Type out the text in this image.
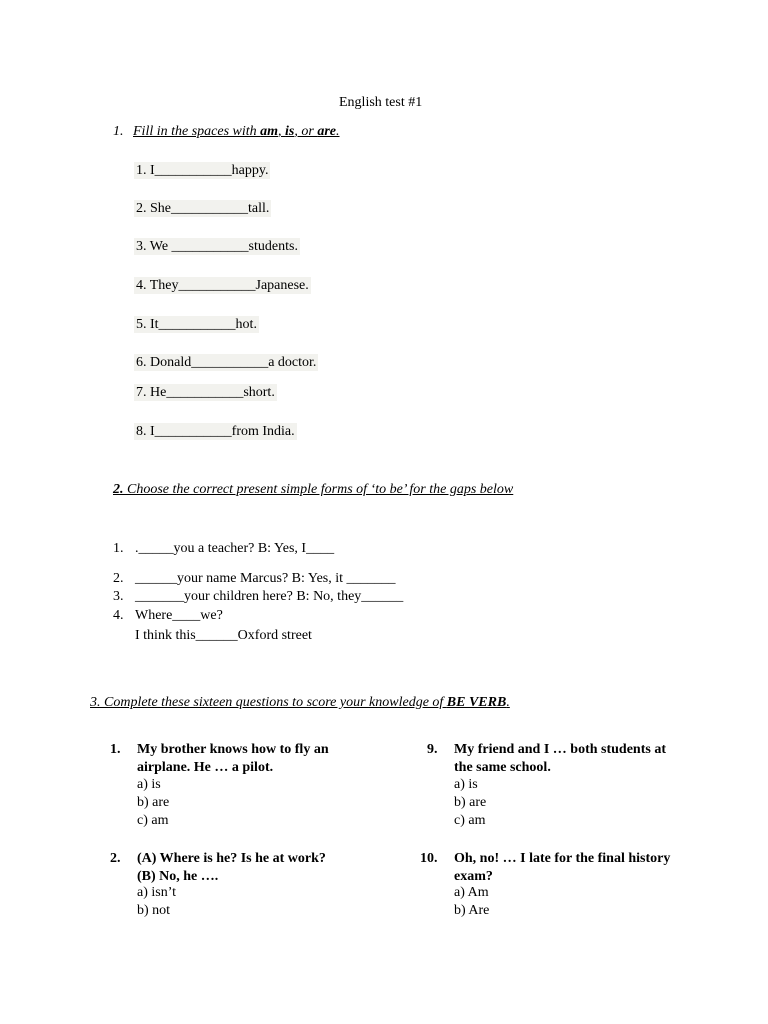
English test #1
1. Fill in the spaces with am, is, or are.
1. I___________happy.
2. She___________tall.
3. We ___________students.
4. They___________Japanese.
5. It___________hot.
6. Donald___________a doctor.
7. He___________short.
8. I___________from India.
2. Choose the correct present simple forms of ‘to be’ for the gaps below
1. ._____you a teacher? B: Yes, I____
2. ______your name Marcus? B: Yes, it _______
3. _______your children here? B: No, they______
4. Where____we?
I think this______Oxford street
3. Complete these sixteen questions to score your knowledge of BE VERB.
1. My brother knows how to fly an
airplane. He … a pilot.
a) is
b) are
c) am
9. My friend and I … both students at
the same school.
a) is
b) are
c) am
2. (A) Where is he? Is he at work?
(B) No, he ….
a) isn’t
b) not
10. Oh, no! … I late for the final history
exam?
a) Am
b) Are
